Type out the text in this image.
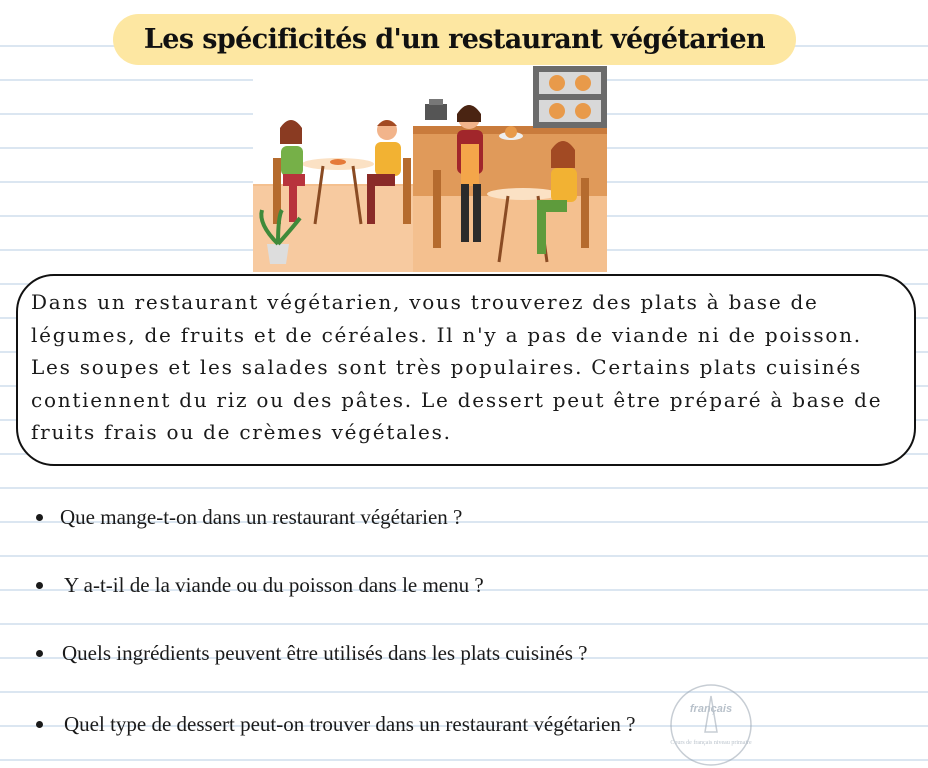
Les spécificités d'un restaurant végétarien

Dans un restaurant végétarien, vous trouverez des plats à base de légumes, de fruits et de céréales. Il n'y a pas de viande ni de poisson. Les soupes et les salades sont très populaires. Certains plats cuisinés contiennent du riz ou des pâtes. Le dessert peut être préparé à base de fruits frais ou de crèmes végétales.

Que mange-t-on dans un restaurant végétarien ?
Y a-t-il de la viande ou du poisson dans le menu ?
Quels ingrédients peuvent être utilisés dans les plats cuisinés ?
Quel type de dessert peut-on trouver dans un restaurant végétarien ?
français
Cours de français niveau primaire
